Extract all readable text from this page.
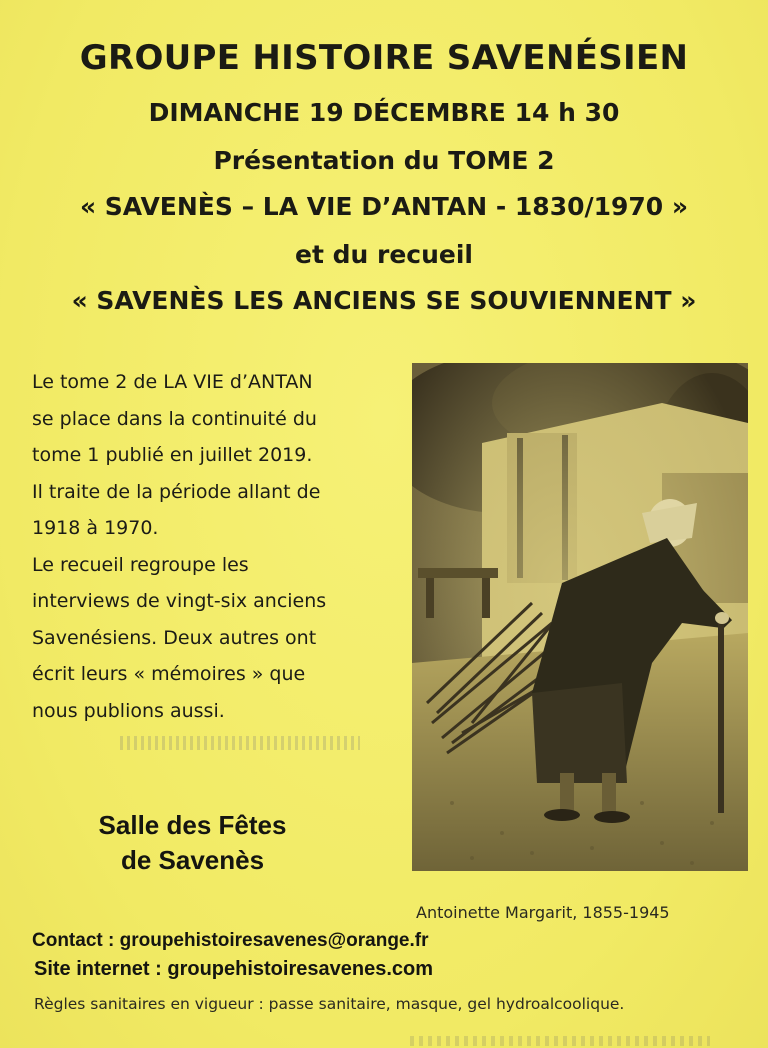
GROUPE HISTOIRE SAVENÉSIEN
DIMANCHE 19 DÉCEMBRE 14 h 30
Présentation du TOME 2
« SAVENÈS – LA VIE D’ANTAN - 1830/1970 »
et du recueil
« SAVENÈS LES ANCIENS SE SOUVIENNENT »
Le tome 2 de LA VIE d’ANTAN
se place dans la continuité du
tome 1 publié en juillet 2019.
Il traite de la période allant de
1918 à 1970.
Le recueil regroupe les
interviews de vingt-six anciens
Savenésiens. Deux autres ont
écrit leurs « mémoires » que
nous publions aussi.
Salle des Fêtes
de Savenès
Antoinette Margarit, 1855-1945
Contact : groupehistoiresavenes@orange.fr
Site internet : groupehistoiresavenes.com
Règles sanitaires en vigueur : passe sanitaire, masque, gel hydroalcoolique.
